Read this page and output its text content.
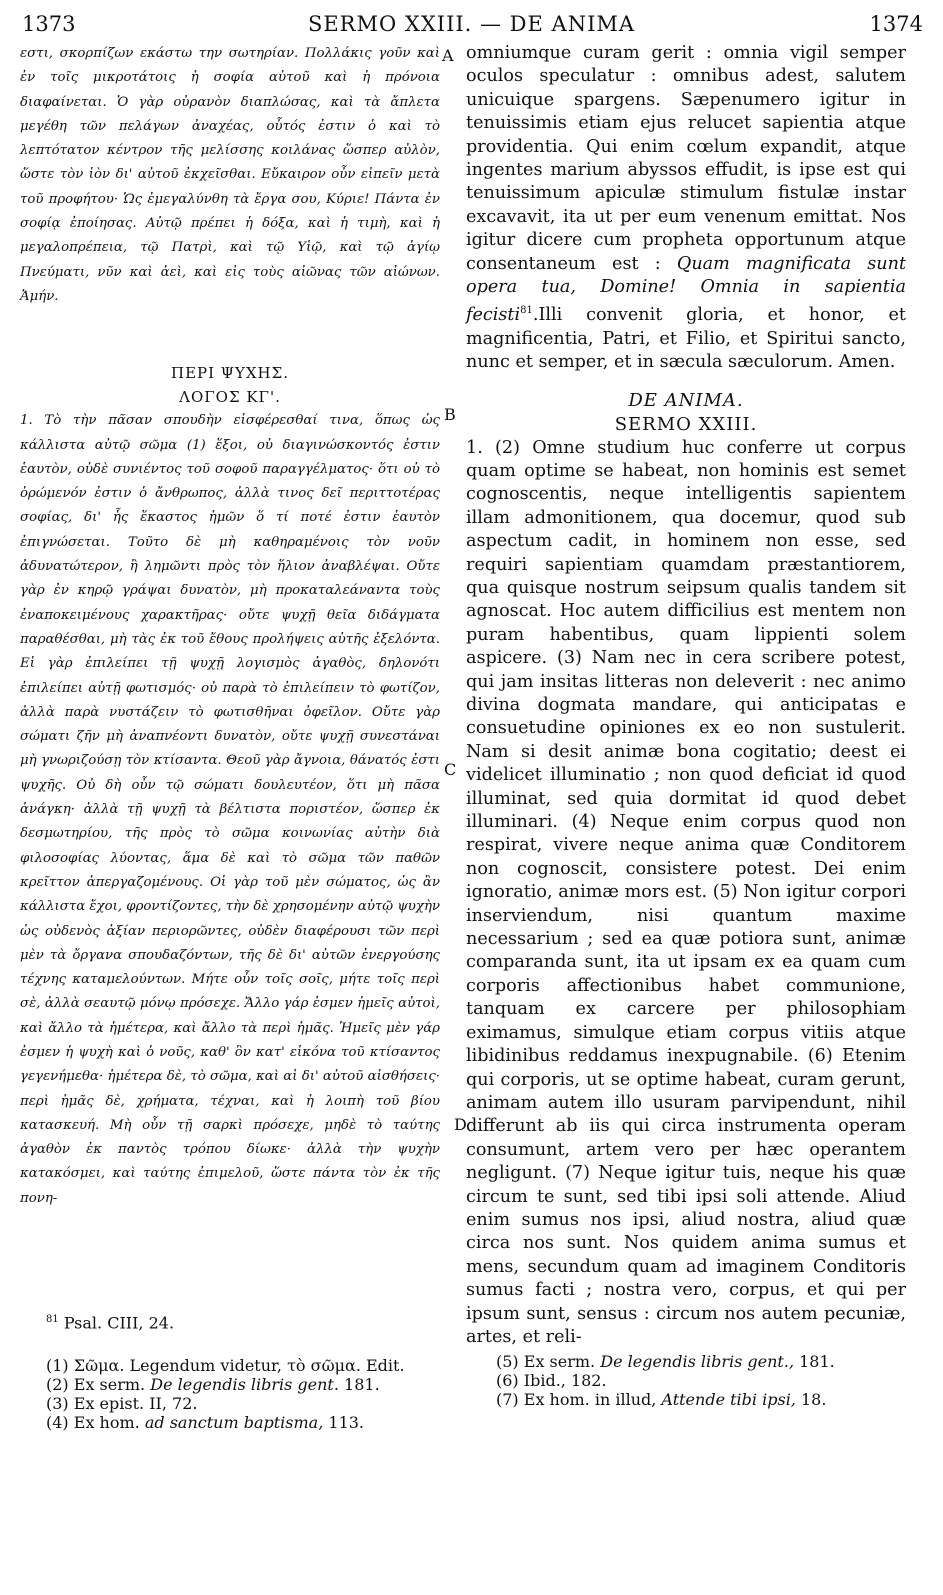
1373	SERMO XXIII. — DE ANIMA	1374

εστι, σκορπίζων εκάστω την σωτηρίαν. Πολλάκις γοῦν καὶ ἐν τοῖς μικροτάτοις ἡ σοφία αὐτοῦ καὶ ἡ πρόνοια διαφαίνεται. Ὁ γὰρ οὐρανὸν διαπλώσας, καὶ τὰ ἄπλετα μεγέθη τῶν πελάγων ἀναχέας, οὗτός ἐστιν ὁ καὶ τὸ λεπτότατον κέντρον τῆς μελίσσης κοιλάνας ὥσπερ αὐλὸν, ὥστε τὸν ἰὸν δι' αὐτοῦ ἐκχεῖσθαι. Εὔκαιρον οὖν εἰπεῖν μετὰ τοῦ προφήτου· Ὡς ἐμεγαλύνθη τὰ ἔργα σου, Κύριε! Πάντα ἐν σοφίᾳ ἐποίησας. Αὐτῷ πρέπει ἡ δόξα, καὶ ἡ τιμὴ, καὶ ἡ μεγαλοπρέπεια, τῷ Πατρὶ, καὶ τῷ Υἱῷ, καὶ τῷ ἁγίῳ Πνεύματι, νῦν καὶ ἀεὶ, καὶ εἰς τοὺς αἰῶνας τῶν αἰώνων. Ἀμήν.

ΠΕΡΙ ΨΥΧΗΣ.
ΛΟΓΟΣ ΚΓ'.

1. Τὸ τὴν πᾶσαν σπουδὴν εἰσφέρεσθαί τινα, ὅπως ὡς κάλλιστα αὐτῷ σῶμα (1) ἕξοι, οὐ διαγινώσκοντός ἐστιν ἑαυτὸν, οὐδὲ συνιέντος τοῦ σοφοῦ παραγγέλματος· ὅτι οὐ τὸ ὁρώμενόν ἐστιν ὁ ἄνθρωπος, ἀλλὰ τινος δεῖ περιττοτέρας σοφίας, δι' ἧς ἕκαστος ἡμῶν ὅ τί ποτέ ἐστιν ἑαυτὸν ἐπιγνώσεται. Τοῦτο δὲ μὴ καθηραμένοις τὸν νοῦν ἀδυνατώτερον, ἢ λημῶντι πρὸς τὸν ἥλιον ἀναβλέψαι. Οὔτε γὰρ ἐν κηρῷ γράψαι δυνατὸν, μὴ προκαταλεάναντα τοὺς ἐναποκειμένους χαρακτῆρας· οὔτε ψυχῇ θεῖα διδάγματα παραθέσθαι, μὴ τὰς ἐκ τοῦ ἔθους προλήψεις αὐτῆς ἐξελόντα. Εἰ γὰρ ἐπιλείπει τῇ ψυχῇ λογισμὸς ἀγαθὸς, δηλονότι ἐπιλείπει αὐτῇ φωτισμός· οὐ παρὰ τὸ ἐπιλείπειν τὸ φωτίζον, ἀλλὰ παρὰ νυστάζειν τὸ φωτισθῆναι ὀφεῖλον. Οὔτε γὰρ σώματι ζῆν μὴ ἀναπνέοντι δυνατὸν, οὔτε ψυχῇ συνεστάναι μὴ γνωριζούσῃ τὸν κτίσαντα. Θεοῦ γὰρ ἄγνοια, θάνατός ἐστι ψυχῆς. Οὐ δὴ οὖν τῷ σώματι δουλευτέον, ὅτι μὴ πᾶσα ἀνάγκη· ἀλλὰ τῇ ψυχῇ τὰ βέλτιστα ποριστέον, ὥσπερ ἐκ δεσμωτηρίου, τῆς πρὸς τὸ σῶμα κοινωνίας αὐτὴν διὰ φιλοσοφίας λύοντας, ἅμα δὲ καὶ τὸ σῶμα τῶν παθῶν κρεῖττον ἀπεργαζομένους. Οἱ γὰρ τοῦ μὲν σώματος, ὡς ἂν κάλλιστα ἔχοι, φροντίζοντες, τὴν δὲ χρησομένην αὐτῷ ψυχὴν ὡς οὐδενὸς ἀξίαν περιορῶντες, οὐδὲν διαφέρουσι τῶν περὶ μὲν τὰ ὄργανα σπουδαζόντων, τῆς δὲ δι' αὐτῶν ἐνεργούσης τέχνης καταμελούντων. Μήτε οὖν τοῖς σοῖς, μήτε τοῖς περὶ σὲ, ἀλλὰ σεαυτῷ μόνῳ πρόσεχε. Ἄλλο γάρ ἐσμεν ἡμεῖς αὐτοὶ, καὶ ἄλλο τὰ ἡμέτερα, καὶ ἄλλο τὰ περὶ ἡμᾶς. Ἡμεῖς μὲν γάρ ἐσμεν ἡ ψυχὴ καὶ ὁ νοῦς, καθ' ὃν κατ' εἰκόνα τοῦ κτίσαντος γεγενήμεθα· ἡμέτερα δὲ, τὸ σῶμα, καὶ αἱ δι' αὐτοῦ αἰσθήσεις· περὶ ἡμᾶς δὲ, χρήματα, τέχναι, καὶ ἡ λοιπὴ τοῦ βίου κατασκευή. Μὴ οὖν τῇ σαρκὶ πρόσεχε, μηδὲ τὸ ταύτης ἀγαθὸν ἐκ παντὸς τρόπου δίωκε· ἀλλὰ τὴν ψυχὴν κατακόσμει, καὶ ταύτης ἐπιμελοῦ, ὥστε πάντα τὸν ἐκ τῆς πονη-

omniumque curam gerit : omnia vigil semper oculos speculatur : omnibus adest, salutem unicuique spargens. Sæpenumero igitur in tenuissimis etiam ejus relucet sapientia atque providentia. Qui enim cœlum expandit, atque ingentes marium abyssos effudit, is ipse est qui tenuissimum apiculæ stimulum fistulæ instar excavavit, ita ut per eum venenum emittat. Nos igitur dicere cum propheta opportunum atque consentaneum est : Quam magnificata sunt opera tua, Domine! Omnia in sapientia fecisti$^{81}$.Illi convenit gloria, et honor, et magnificentia, Patri, et Filio, et Spiritui sancto, nunc et semper, et in sæcula sæculorum. Amen.

DE ANIMA.
SERMO XXIII.

1. (2) Omne studium huc conferre ut corpus quam optime se habeat, non hominis est semet cognoscentis, neque intelligentis sapientem illam admonitionem, qua docemur, quod sub aspectum cadit, in hominem non esse, sed requiri sapientiam quamdam præstantiorem, qua quisque nostrum seipsum qualis tandem sit agnoscat. Hoc autem difficilius est mentem non puram habentibus, quam lippienti solem aspicere. (3) Nam nec in cera scribere potest, qui jam insitas litteras non deleverit : nec animo divina dogmata mandare, qui anticipatas e consuetudine opiniones ex eo non sustulerit. Nam si desit animæ bona cogitatio; deest ei videlicet illuminatio ; non quod deficiat id quod illuminat, sed quia dormitat id quod debet illuminari. (4) Neque enim corpus quod non respirat, vivere neque anima quæ Conditorem non cognoscit, consistere potest. Dei enim ignoratio, animæ mors est. (5) Non igitur corpori inserviendum, nisi quantum maxime necessarium ; sed ea quæ potiora sunt, animæ comparanda sunt, ita ut ipsam ex ea quam cum corporis affectionibus habet communione, tanquam ex carcere per philosophiam eximamus, simulque etiam corpus vitiis atque libidinibus reddamus inexpugnabile. (6) Etenim qui corporis, ut se optime habeat, curam gerunt, animam autem illo usuram parvipendunt, nihil differunt ab iis qui circa instrumenta operam consumunt, artem vero per hæc operantem negligunt. (7) Neque igitur tuis, neque his quæ circum te sunt, sed tibi ipsi soli attende. Aliud enim sumus nos ipsi, aliud nostra, aliud quæ circa nos sunt. Nos quidem anima sumus et mens, secundum quam ad imaginem Conditoris sumus facti ; nostra vero, corpus, et qui per ipsum sunt, sensus : circum nos autem pecuniæ, artes, et reli-

A
B
C
D
$^{81}$ Psal. CIII, 24.
(1) Σῶμα. Legendum videtur, τὸ σῶμα. Edit.
(2) Ex serm. De legendis libris gent. 181.
(3) Ex epist. II, 72.
(4) Ex hom. ad sanctum baptisma, 113.
(5) Ex serm. De legendis libris gent., 181.
(6) Ibid., 182.
(7) Ex hom. in illud, Attende tibi ipsi, 18.
